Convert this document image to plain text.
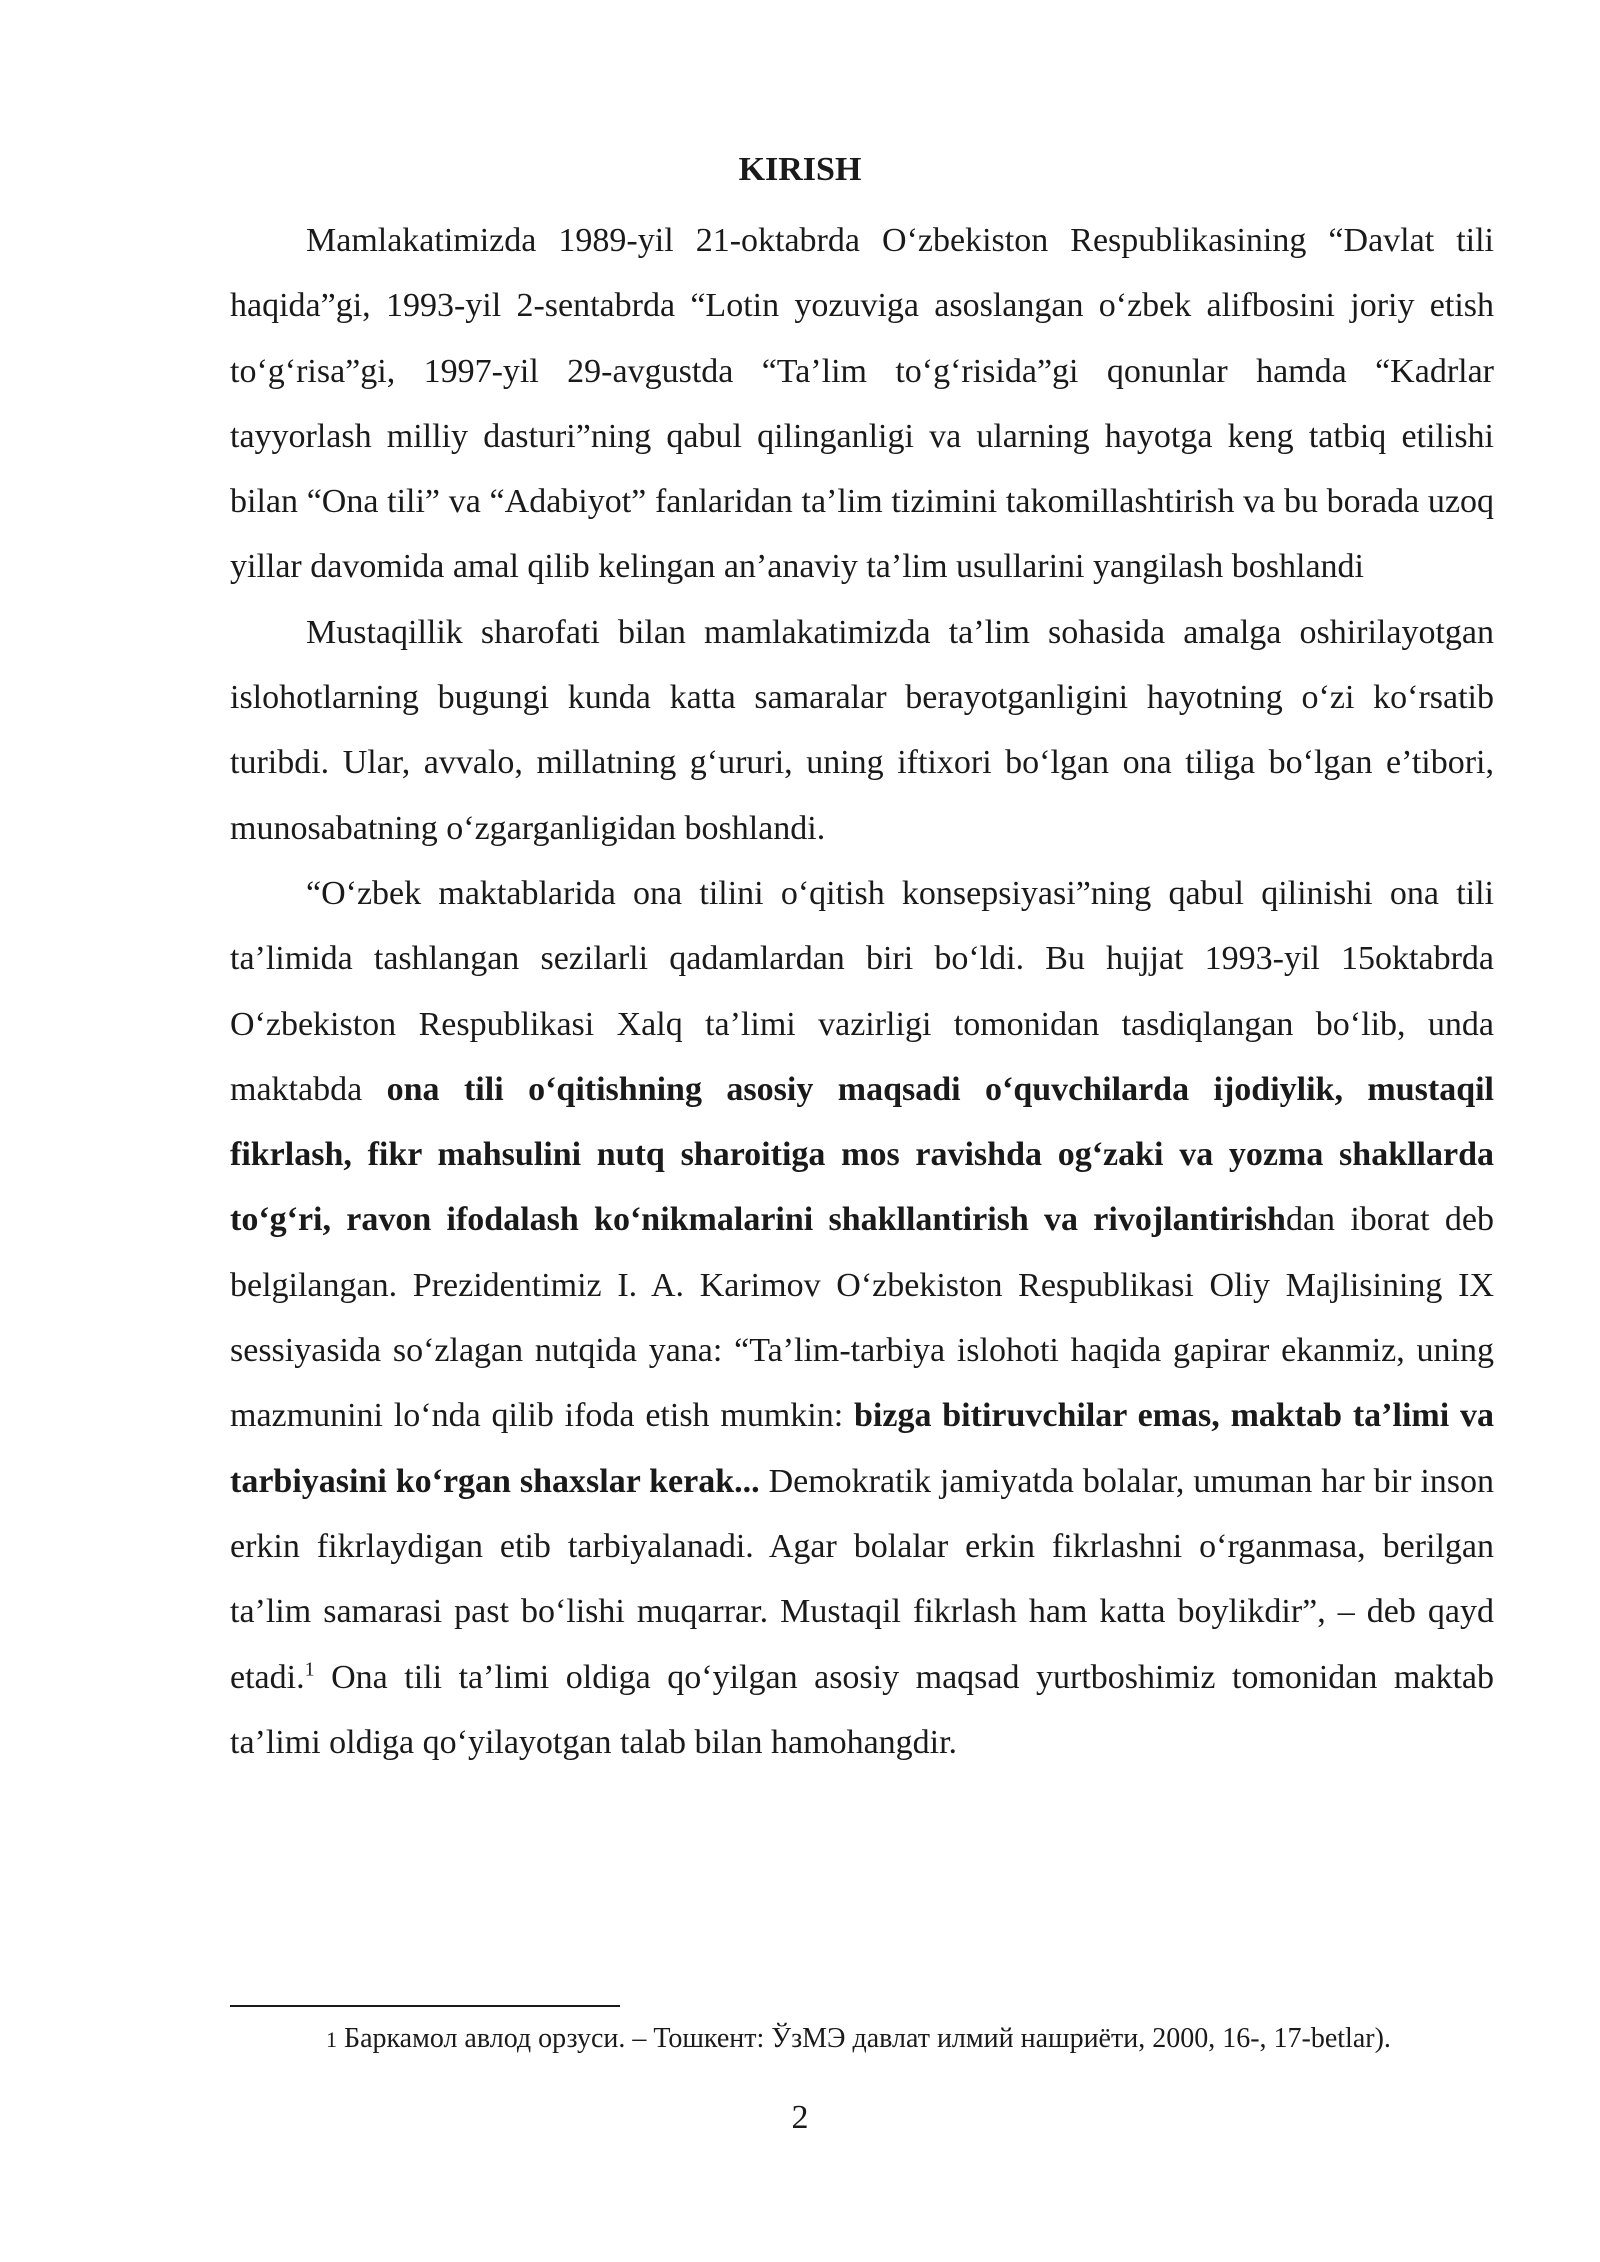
KIRISH

Mamlakatimizda 1989-yil 21-oktabrda O‘zbekiston Respublikasining “Davlat tili haqida”gi, 1993-yil 2-sentabrda “Lotin yozuviga asoslangan o‘zbek alifbosini joriy etish to‘g‘risa”gi, 1997-yil 29-avgustda “Ta’lim to‘g‘risida”gi qonunlar hamda “Kadrlar tayyorlash milliy dasturi”ning qabul qilinganligi va ularning hayotga keng tatbiq etilishi bilan “Ona tili” va “Adabiyot” fanlaridan ta’lim tizimini takomillashtirish va bu borada uzoq yillar davomida amal qilib kelingan an’anaviy ta’lim usullarini yangilash boshlandi

Mustaqillik sharofati bilan mamlakatimizda ta’lim sohasida amalga oshirilayotgan islohotlarning bugungi kunda katta samaralar berayotganligini hayotning o‘zi ko‘rsatib turibdi. Ular, avvalo, millatning g‘ururi, uning iftixori bo‘lgan ona tiliga bo‘lgan e’tibori, munosabatning o‘zgarganligidan boshlandi.

“O‘zbek maktablarida ona tilini o‘qitish konsepsiyasi”ning qabul qilinishi ona tili ta’limida tashlangan sezilarli qadamlardan biri bo‘ldi. Bu hujjat 1993-yil 15oktabrda O‘zbekiston Respublikasi Xalq ta’limi vazirligi tomonidan tasdiqlangan bo‘lib, unda maktabda ona tili o‘qitishning asosiy maqsadi o‘quvchilarda ijodiylik, mustaqil fikrlash, fikr mahsulini nutq sharoitiga mos ravishda og‘zaki va yozma shakllarda to‘g‘ri, ravon ifodalash ko‘nikmalarini shakllantirish va rivojlantirishdan iborat deb belgilangan. Prezidentimiz I. A. Karimov O‘zbekiston Respublikasi Oliy Majlisining IX sessiyasida so‘zlagan nutqida yana: “Ta’lim-tarbiya islohoti haqida gapirar ekanmiz, uning mazmunini lo‘nda qilib ifoda etish mumkin: bizga bitiruvchilar emas, maktab ta’limi va tarbiyasini ko‘rgan shaxslar kerak... Demokratik jamiyatda bolalar, umuman har bir inson erkin fikrlaydigan etib tarbiyalanadi. Agar bolalar erkin fikrlashni o‘rganmasa, berilgan ta’lim samarasi past bo‘lishi muqarrar. Mustaqil fikrlash ham katta boylikdir”, – deb qayd etadi.$^1$ Ona tili ta’limi oldiga qo‘yilgan asosiy maqsad yurtboshimiz tomonidan maktab ta’limi oldiga qo‘yilayotgan talab bilan hamohangdir.

1 Баркамол авлод орзуси. – Тошкент: ЎзМЭ давлат илмий нашриёти, 2000, 16-, 17-betlar).
2
